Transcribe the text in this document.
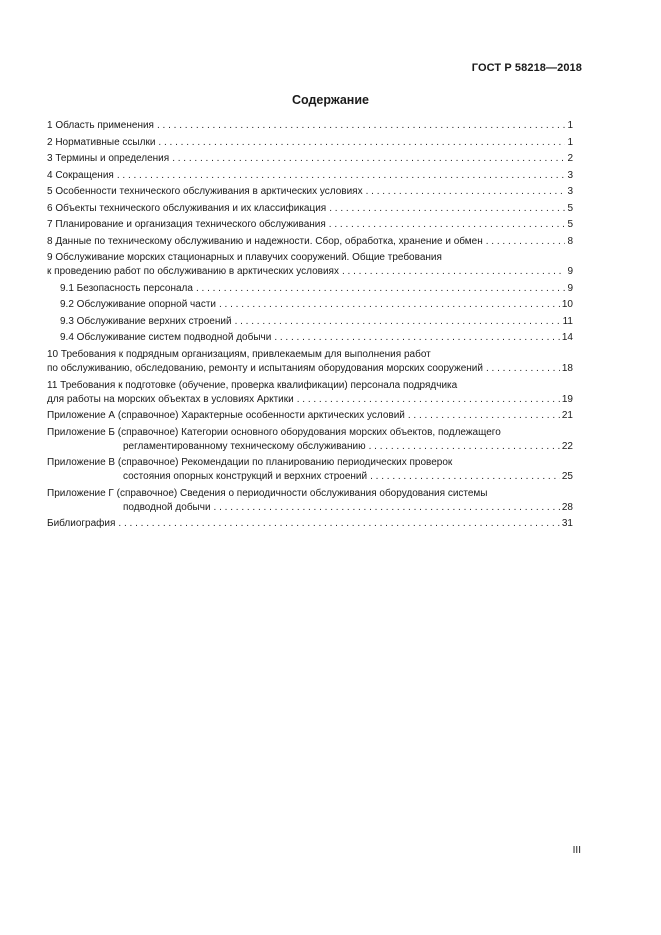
ГОСТ Р 58218—2018
Содержание
1 Область применения . . .	1
2 Нормативные ссылки . . .	1
3 Термины и определения . . .	2
4 Сокращения . . .	3
5 Особенности технического обслуживания в арктических условиях . . .	3
6 Объекты технического обслуживания и их классификация . . .	5
7 Планирование и организация технического обслуживания . . .	5
8 Данные по техническому обслуживанию и надежности. Сбор, обработка, хранение и обмен . . .	8
9 Обслуживание морских стационарных и плавучих сооружений. Общие требования
к проведению работ по обслуживанию в арктических условиях . . .	9
9.1 Безопасность персонала . . .	9
9.2 Обслуживание опорной части . . .	10
9.3 Обслуживание верхних строений . . .	11
9.4 Обслуживание систем подводной добычи . . .	14
10 Требования к подрядным организациям, привлекаемым для выполнения работ
по обслуживанию, обследованию, ремонту и испытаниям оборудования морских сооружений . . .	18
11 Требования к подготовке (обучение, проверка квалификации) персонала подрядчика
для работы на морских объектах в условиях Арктики . . .	19
Приложение А (справочное) Характерные особенности арктических условий . . .	21
Приложение Б (справочное) Категории основного оборудования морских объектов, подлежащего
регламентированному техническому обслуживанию . . .	22
Приложение В (справочное) Рекомендации по планированию периодических проверок
состояния опорных конструкций и верхних строений . . .	25
Приложение Г (справочное) Сведения о периодичности обслуживания оборудования системы
подводной добычи . . .	28
Библиография . . .	31
III
